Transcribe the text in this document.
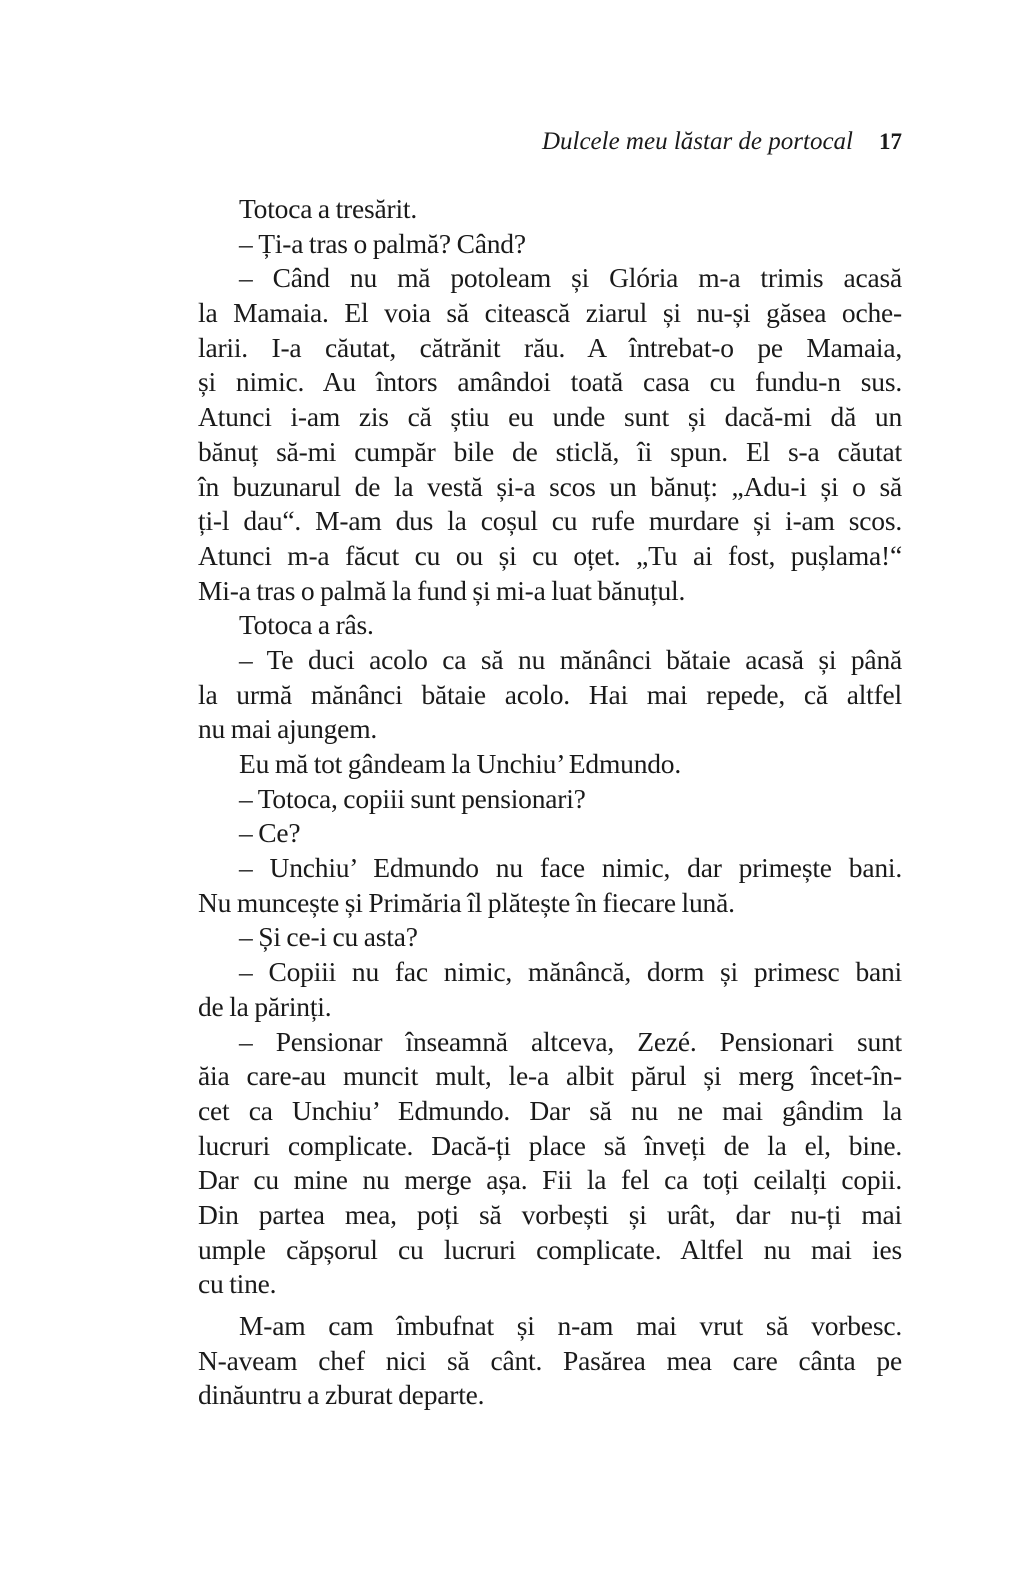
Dulcele meu lăstar de portocal 17
Totoca a tresărit.
– Ți-a tras o palmă? Când?
– Când nu mă potoleam și Glória m-a trimis acasă
la Mamaia. El voia să citească ziarul și nu-și găsea oche-
larii. I-a căutat, cătrănit rău. A întrebat-o pe Mamaia,
și nimic. Au întors amândoi toată casa cu fundu-n sus.
Atunci i-am zis că știu eu unde sunt și dacă-mi dă un
bănuț să-mi cumpăr bile de sticlă, îi spun. El s-a căutat
în buzunarul de la vestă și-a scos un bănuț: „Adu-i și o să
ți-l dau“. M-am dus la coșul cu rufe murdare și i-am scos.
Atunci m-a făcut cu ou și cu oțet. „Tu ai fost, pușlama!“
Mi-a tras o palmă la fund și mi-a luat bănuțul.
Totoca a râs.
– Te duci acolo ca să nu mănânci bătaie acasă și până
la urmă mănânci bătaie acolo. Hai mai repede, că altfel
nu mai ajungem.
Eu mă tot gândeam la Unchiu’ Edmundo.
– Totoca, copiii sunt pensionari?
– Ce?
– Unchiu’ Edmundo nu face nimic, dar primește bani.
Nu muncește și Primăria îl plătește în fiecare lună.
– Și ce-i cu asta?
– Copiii nu fac nimic, mănâncă, dorm și primesc bani
de la părinți.
– Pensionar înseamnă altceva, Zezé. Pensionari sunt
ăia care-au muncit mult, le-a albit părul și merg încet-în-
cet ca Unchiu’ Edmundo. Dar să nu ne mai gândim la
lucruri complicate. Dacă-ți place să înveți de la el, bine.
Dar cu mine nu merge așa. Fii la fel ca toți ceilalți copii.
Din partea mea, poți să vorbești și urât, dar nu-ți mai
umple căpșorul cu lucruri complicate. Altfel nu mai ies
cu tine.
M-am cam îmbufnat și n-am mai vrut să vorbesc.
N-aveam chef nici să cânt. Pasărea mea care cânta pe
dinăuntru a zburat departe.
